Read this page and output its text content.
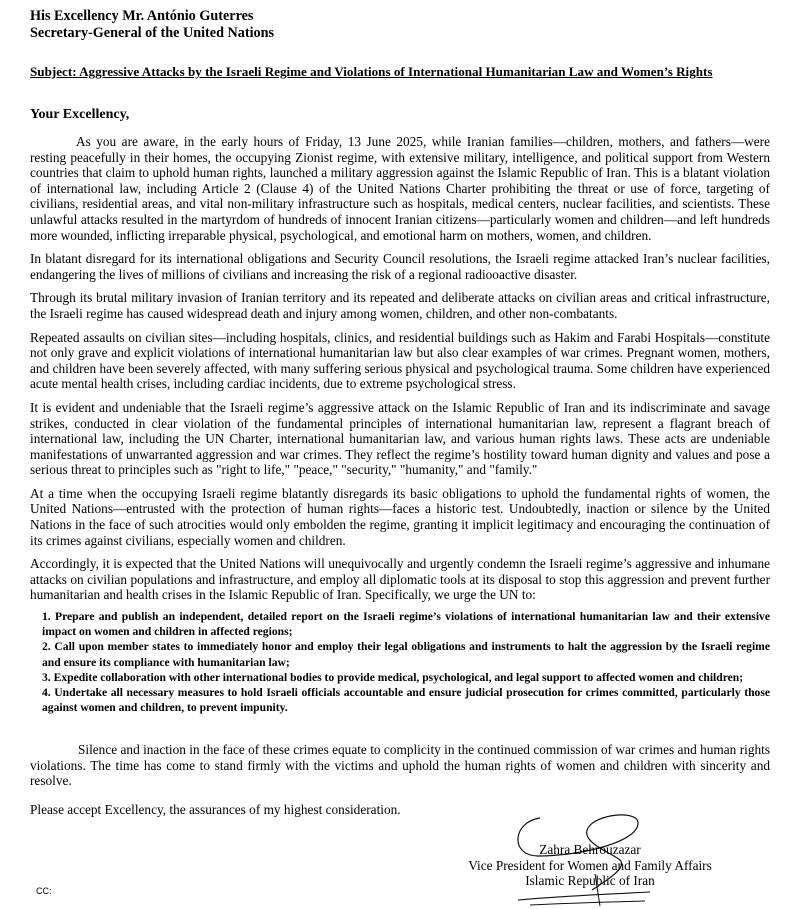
His Excellency Mr. António Guterres
Secretary-General of the United Nations
Subject: Aggressive Attacks by the Israeli Regime and Violations of International Humanitarian Law and Women’s Rights
Your Excellency,

As you are aware, in the early hours of Friday, 13 June 2025, while Iranian families—children, mothers, and fathers—were resting peacefully in their homes, the occupying Zionist regime, with extensive military, intelligence, and political support from Western countries that claim to uphold human rights, launched a military aggression against the Islamic Republic of Iran. This is a blatant violation of international law, including Article 2 (Clause 4) of the United Nations Charter prohibiting the threat or use of force, targeting of civilians, residential areas, and vital non-military infrastructure such as hospitals, medical centers, nuclear facilities, and scientists. These unlawful attacks resulted in the martyrdom of hundreds of innocent Iranian citizens—particularly women and children—and left hundreds more wounded, inflicting irreparable physical, psychological, and emotional harm on mothers, women, and children.

In blatant disregard for its international obligations and Security Council resolutions, the Israeli regime attacked Iran’s nuclear facilities, endangering the lives of millions of civilians and increasing the risk of a regional radiooactive disaster.

Through its brutal military invasion of Iranian territory and its repeated and deliberate attacks on civilian areas and critical infrastructure, the Israeli regime has caused widespread death and injury among women, children, and other non-combatants.

Repeated assaults on civilian sites—including hospitals, clinics, and residential buildings such as Hakim and Farabi Hospitals—constitute not only grave and explicit violations of international humanitarian law but also clear examples of war crimes. Pregnant women, mothers, and children have been severely affected, with many suffering serious physical and psychological trauma. Some children have experienced acute mental health crises, including cardiac incidents, due to extreme psychological stress.

It is evident and undeniable that the Israeli regime’s aggressive attack on the Islamic Republic of Iran and its indiscriminate and savage strikes, conducted in clear violation of the fundamental principles of international humanitarian law, represent a flagrant breach of international law, including the UN Charter, international humanitarian law, and various human rights laws. These acts are undeniable manifestations of unwarranted aggression and war crimes. They reflect the regime’s hostility toward human dignity and values and pose a serious threat to principles such as "right to life," "peace," "security," "humanity," and "family."

At a time when the occupying Israeli regime blatantly disregards its basic obligations to uphold the fundamental rights of women, the United Nations—entrusted with the protection of human rights—faces a historic test. Undoubtedly, inaction or silence by the United Nations in the face of such atrocities would only embolden the regime, granting it implicit legitimacy and encouraging the continuation of its crimes against civilians, especially women and children.

Accordingly, it is expected that the United Nations will unequivocally and urgently condemn the Israeli regime’s aggressive and inhumane attacks on civilian populations and infrastructure, and employ all diplomatic tools at its disposal to stop this aggression and prevent further humanitarian and health crises in the Islamic Republic of Iran. Specifically, we urge the UN to:

1. Prepare and publish an independent, detailed report on the Israeli regime’s violations of international humanitarian law and their extensive impact on women and children in affected regions;
2. Call upon member states to immediately honor and employ their legal obligations and instruments to halt the aggression by the Israeli regime and ensure its compliance with humanitarian law;
3. Expedite collaboration with other international bodies to provide medical, psychological, and legal support to affected women and children;
4. Undertake all necessary measures to hold Israeli officials accountable and ensure judicial prosecution for crimes committed, particularly those against women and children, to prevent impunity.

Silence and inaction in the face of these crimes equate to complicity in the continued commission of war crimes and human rights violations. The time has come to stand firmly with the victims and uphold the human rights of women and children with sincerity and resolve.

Please accept Excellency, the assurances of my highest consideration.

Zahra Behrouzazar
Vice President for Women and Family Affairs
Islamic Republic of Iran
CC:
